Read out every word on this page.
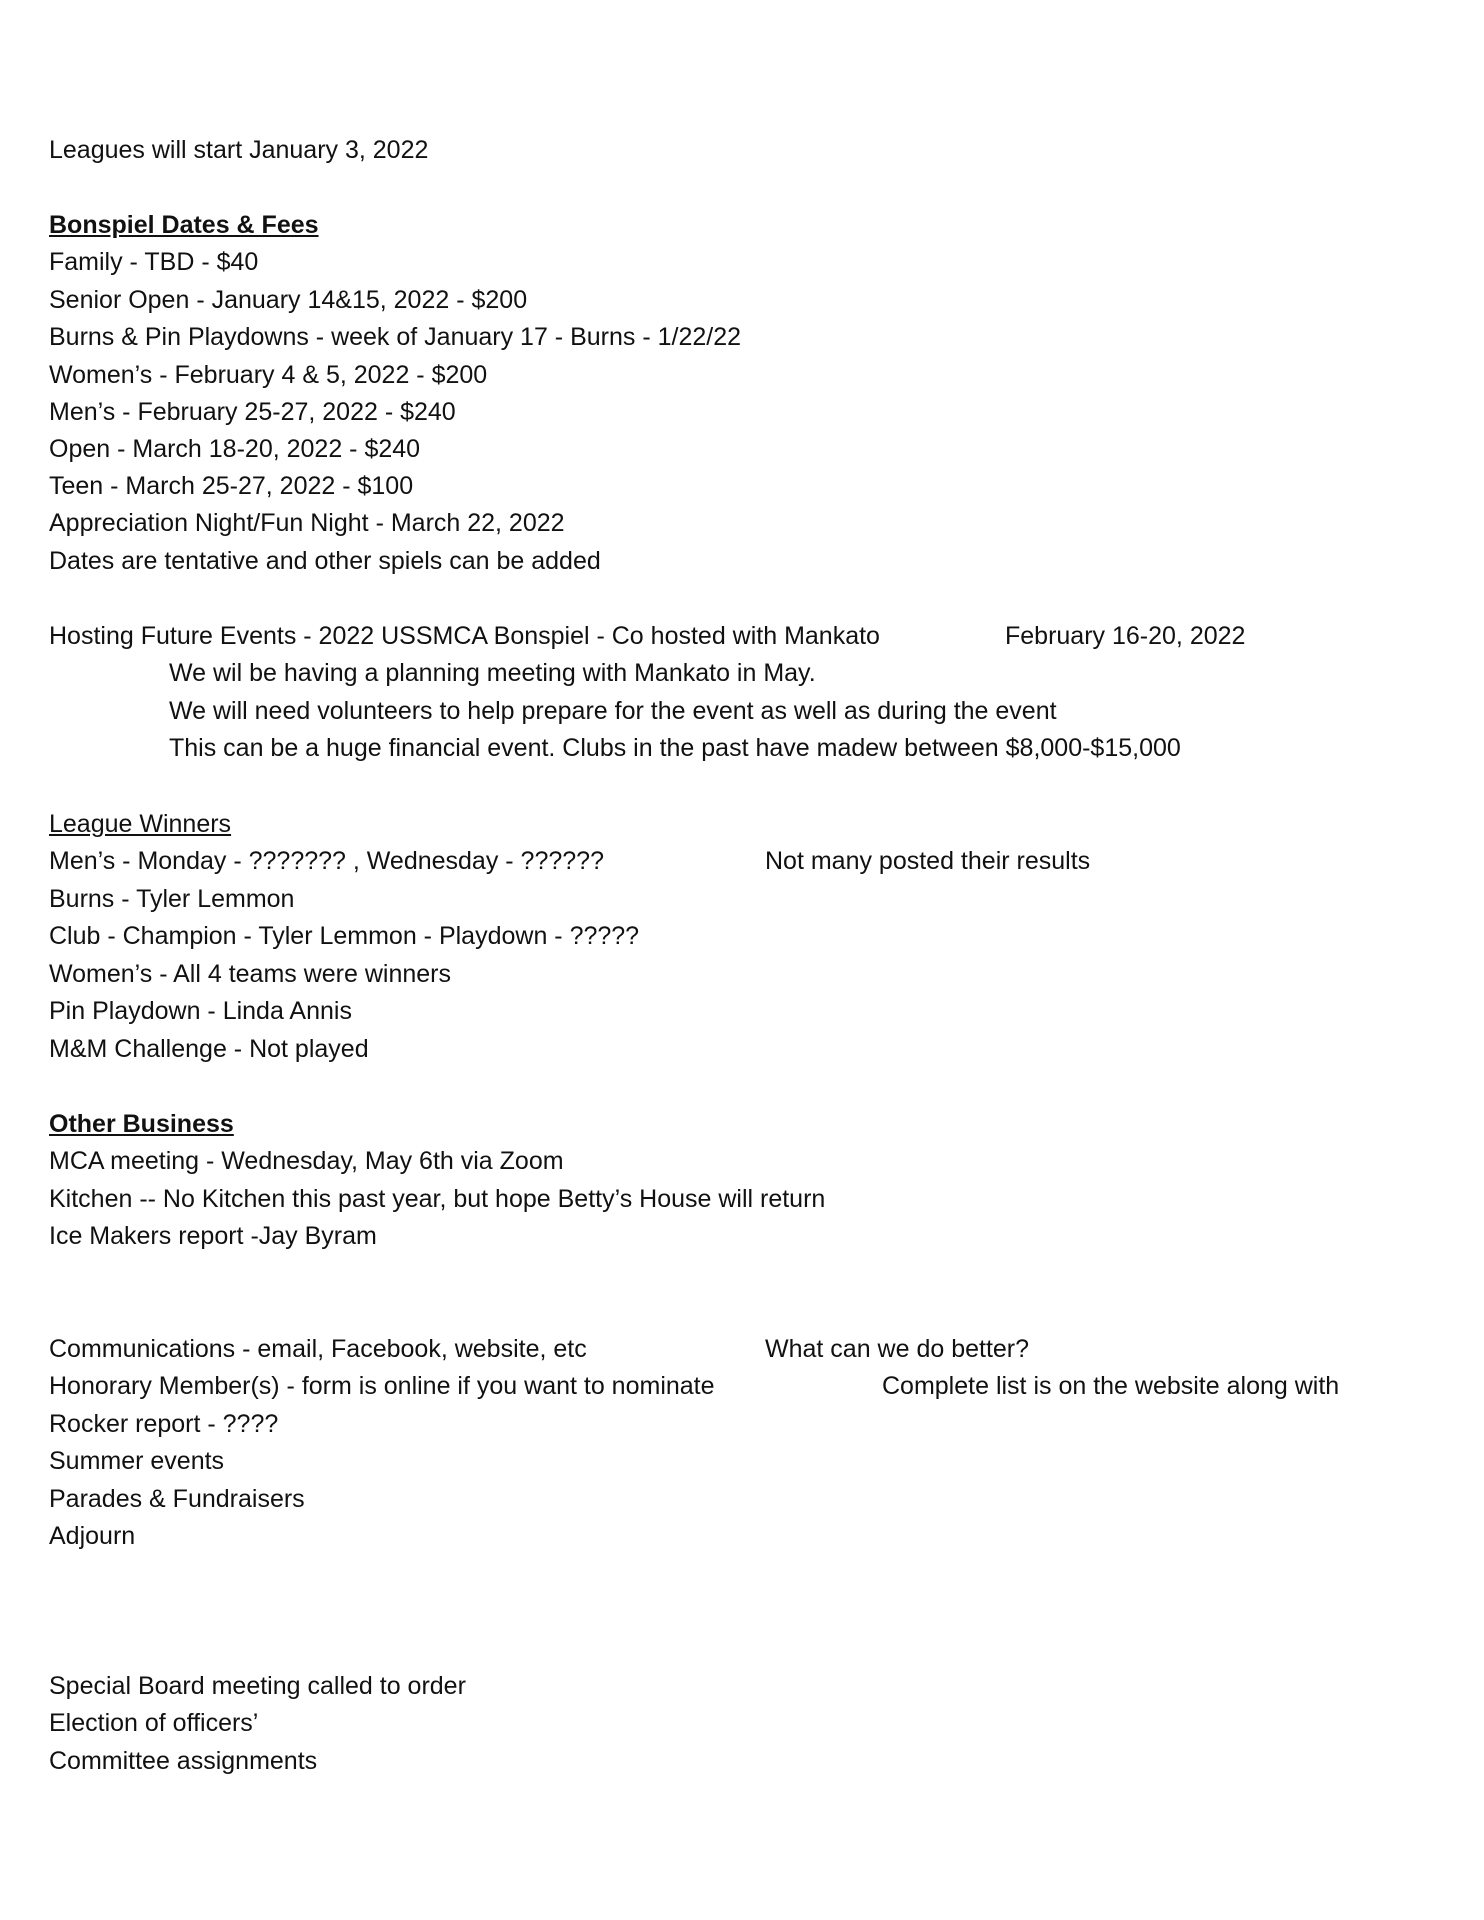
Leagues will start January 3, 2022
Bonspiel Dates & Fees
Family - TBD - $40
Senior Open - January 14&15, 2022 - $200
Burns & Pin Playdowns - week of January 17 - Burns - 1/22/22
Women’s - February 4 & 5, 2022 - $200
Men’s - February 25-27, 2022 - $240
Open - March 18-20, 2022 - $240
Teen - March 25-27, 2022 - $100
Appreciation Night/Fun Night - March 22, 2022
Dates are tentative and other spiels can be added
Hosting Future Events - 2022 USSMCA Bonspiel - Co hosted with Mankato	February 16-20, 2022
We wil be having a planning meeting with Mankato in May.
We will need volunteers to help prepare for the event as well as during the event
This can be a huge financial event. Clubs in the past have madew between $8,000-$15,000
League Winners
Men’s - Monday - ??????? , Wednesday - ??????	Not many posted their results
Burns - Tyler Lemmon
Club - Champion - Tyler Lemmon - Playdown - ?????
Women’s - All 4 teams were winners
Pin Playdown - Linda Annis
M&M Challenge - Not played
Other Business
MCA meeting - Wednesday, May 6th via Zoom
Kitchen -- No Kitchen this past year, but hope Betty’s House will return
Ice Makers report -Jay Byram
Communications - email, Facebook, website, etc	What can we do better?
Honorary Member(s) - form is online if you want to nominate	Complete list is on the website along with
Rocker report - ????
Summer events
Parades & Fundraisers
Adjourn
Special Board meeting called to order
Election of officers’
Committee assignments
